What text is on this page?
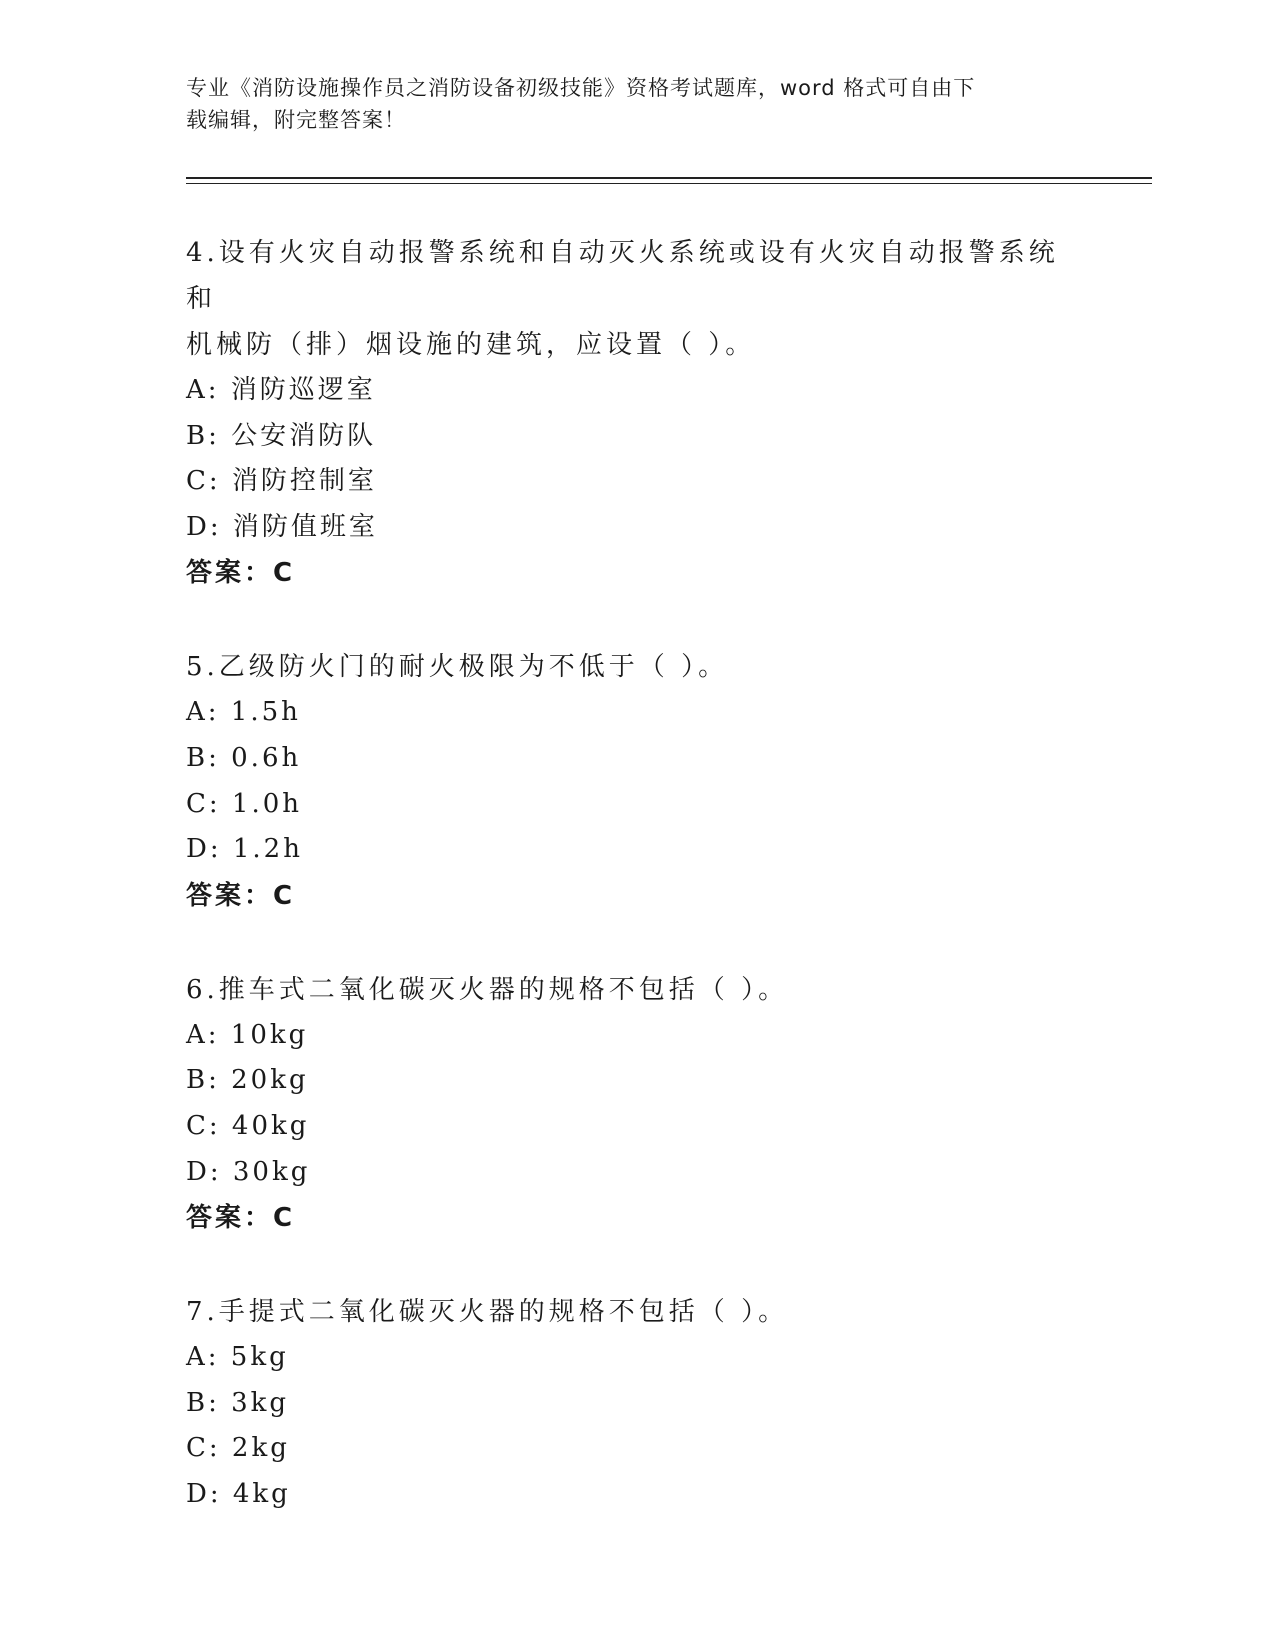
专业《消防设施操作员之消防设备初级技能》资格考试题库，word 格式可自由下
载编辑，附完整答案！

4.设有火灾自动报警系统和自动灭火系统或设有火灾自动报警系统和

机械防（排）烟设施的建筑，应设置（ ）。

A: 消防巡逻室

B: 公安消防队

C: 消防控制室

D: 消防值班室

答案：C

5.乙级防火门的耐火极限为不低于（ ）。

A: 1.5h

B: 0.6h

C: 1.0h

D: 1.2h

答案：C

6.推车式二氧化碳灭火器的规格不包括（ ）。

A: 10kg

B: 20kg

C: 40kg

D: 30kg

答案：C

7.手提式二氧化碳灭火器的规格不包括（ ）。

A: 5kg

B: 3kg

C: 2kg

D: 4kg
